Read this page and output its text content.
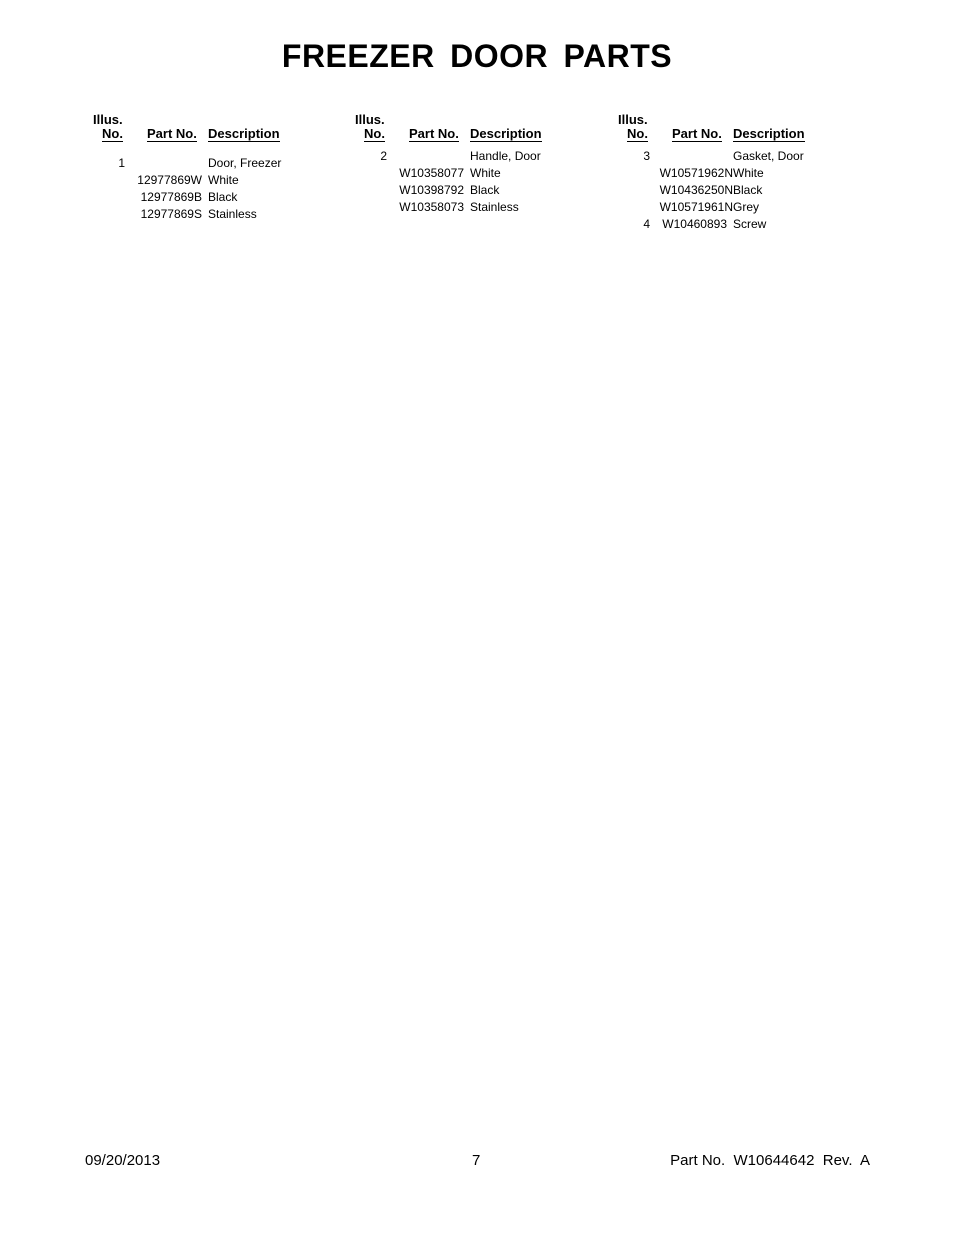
FREEZER DOOR PARTS
Illus.
No. Part No. Description
1	Door, Freezer
12977869W White
12977869B Black
12977869S Stainless
Illus.
No. Part No. Description
2	Handle, Door
W10358077 White
W10398792 Black
W10358073 Stainless
Illus.
No. Part No. Description
3	Gasket, Door
W10571962N White
W10436250N Black
W10571961N Grey
4	W10460893 Screw
09/20/2013	7	Part No.  W10644642  Rev.  A
